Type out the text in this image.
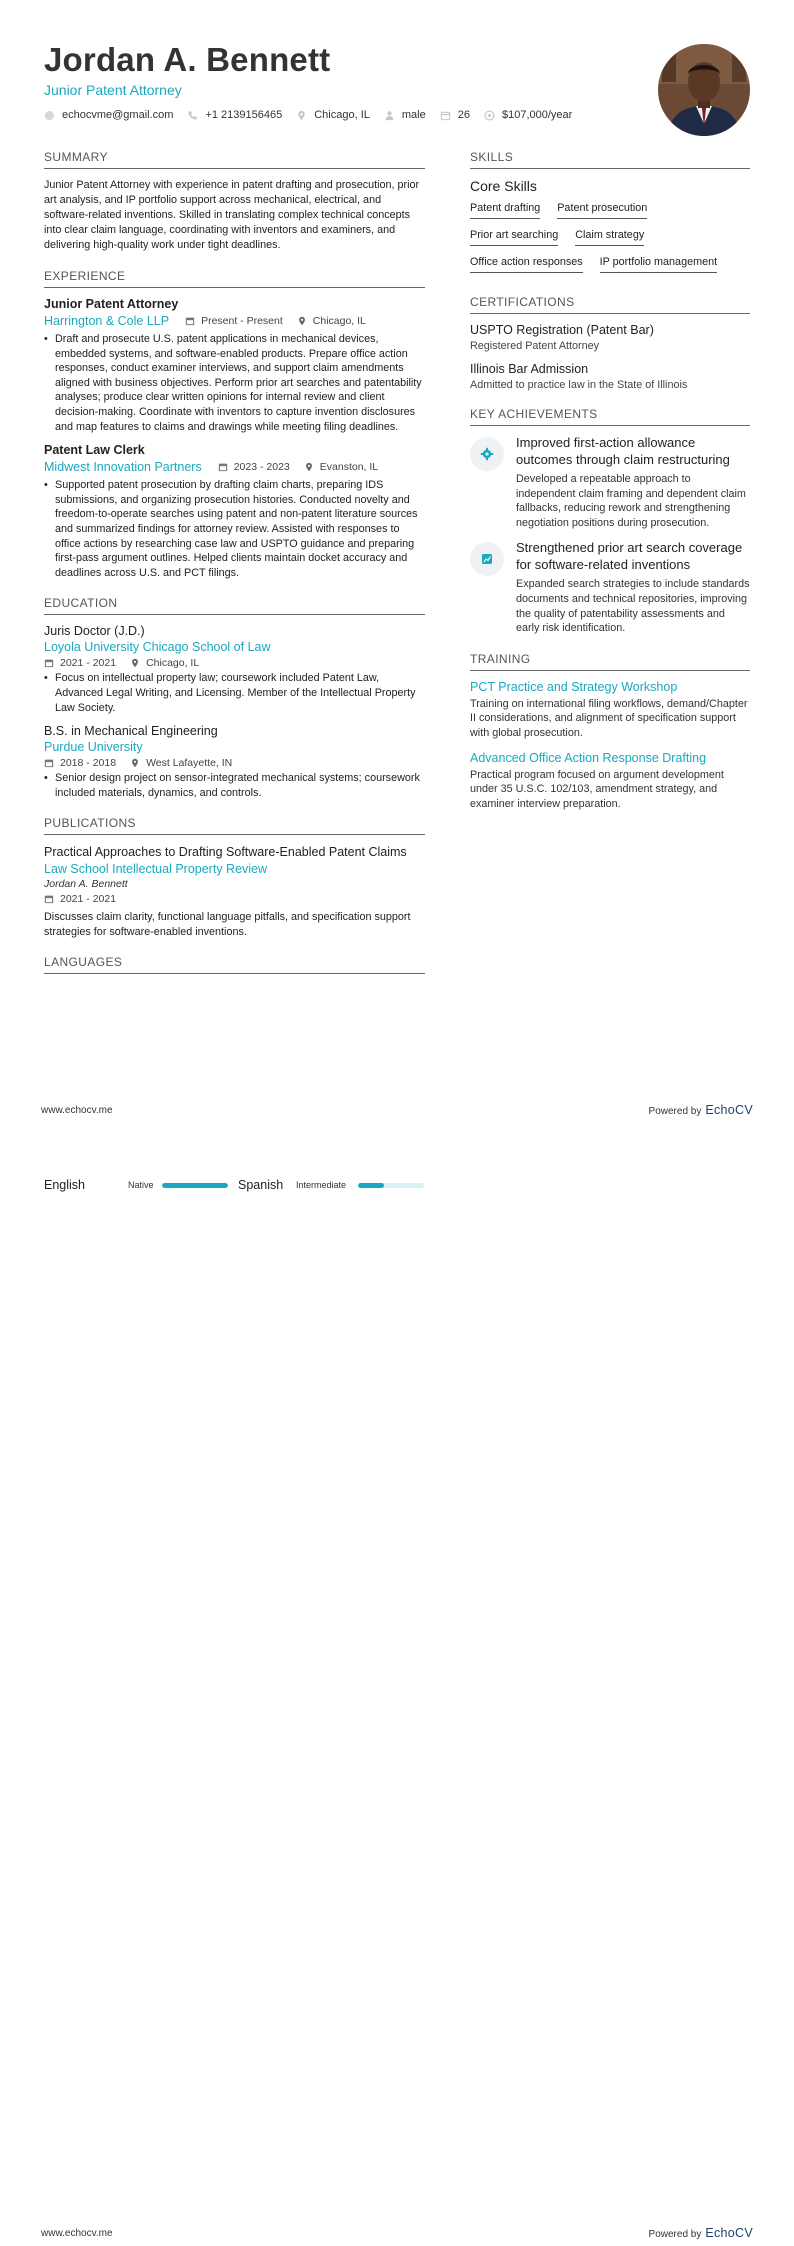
Jordan A. Bennett
Junior Patent Attorney
echocvme@gmail.com	+1 2139156465	Chicago, IL	male	26	$107,000/year
SUMMARY
Junior Patent Attorney with experience in patent drafting and prosecution, prior art analysis, and IP portfolio support across mechanical, electrical, and software-related inventions. Skilled in translating complex technical concepts into clear claim language, coordinating with inventors and examiners, and delivering high-quality work under tight deadlines.
EXPERIENCE
Junior Patent Attorney
Harrington & Cole LLP	Present - Present	Chicago, IL
• Draft and prosecute U.S. patent applications in mechanical devices, embedded systems, and software-enabled products. Prepare office action responses, conduct examiner interviews, and support claim amendments aligned with business objectives. Perform prior art searches and patentability analyses; produce clear written opinions for internal review and client decision-making. Coordinate with inventors to capture invention disclosures and map features to claims and drawings while meeting filing deadlines.
Patent Law Clerk
Midwest Innovation Partners	2023 - 2023	Evanston, IL
• Supported patent prosecution by drafting claim charts, preparing IDS submissions, and organizing prosecution histories. Conducted novelty and freedom-to-operate searches using patent and non-patent literature sources and summarized findings for attorney review. Assisted with responses to office actions by researching case law and USPTO guidance and preparing first-pass argument outlines. Helped clients maintain docket accuracy and deadlines across U.S. and PCT filings.
EDUCATION
Juris Doctor (J.D.)
Loyola University Chicago School of Law
2021 - 2021	Chicago, IL
• Focus on intellectual property law; coursework included Patent Law, Advanced Legal Writing, and Licensing. Member of the Intellectual Property Law Society.
B.S. in Mechanical Engineering
Purdue University
2018 - 2018	West Lafayette, IN
• Senior design project on sensor-integrated mechanical systems; coursework included materials, dynamics, and controls.
PUBLICATIONS
Practical Approaches to Drafting Software-Enabled Patent Claims
Law School Intellectual Property Review
Jordan A. Bennett
2021 - 2021
Discusses claim clarity, functional language pitfalls, and specification support strategies for software-enabled inventions.
LANGUAGES
SKILLS
Core Skills
Patent drafting Patent prosecution
Prior art searching Claim strategy
Office action responses IP portfolio management
CERTIFICATIONS
USPTO Registration (Patent Bar)
Registered Patent Attorney
Illinois Bar Admission
Admitted to practice law in the State of Illinois
KEY ACHIEVEMENTS
Improved first-action allowance outcomes through claim restructuring
Developed a repeatable approach to independent claim framing and dependent claim fallbacks, reducing rework and strengthening negotiation positions during prosecution.
Strengthened prior art search coverage for software-related inventions
Expanded search strategies to include standards documents and technical repositories, improving the quality of patentability assessments and early risk identification.
TRAINING
PCT Practice and Strategy Workshop
Training on international filing workflows, demand/Chapter II considerations, and alignment of specification support with global prosecution.
Advanced Office Action Response Drafting
Practical program focused on argument development under 35 U.S.C. 102/103, amendment strategy, and examiner interview preparation.
www.echocv.me	Powered by EchoCV
English	Native	Spanish	Intermediate
www.echocv.me	Powered by EchoCV
